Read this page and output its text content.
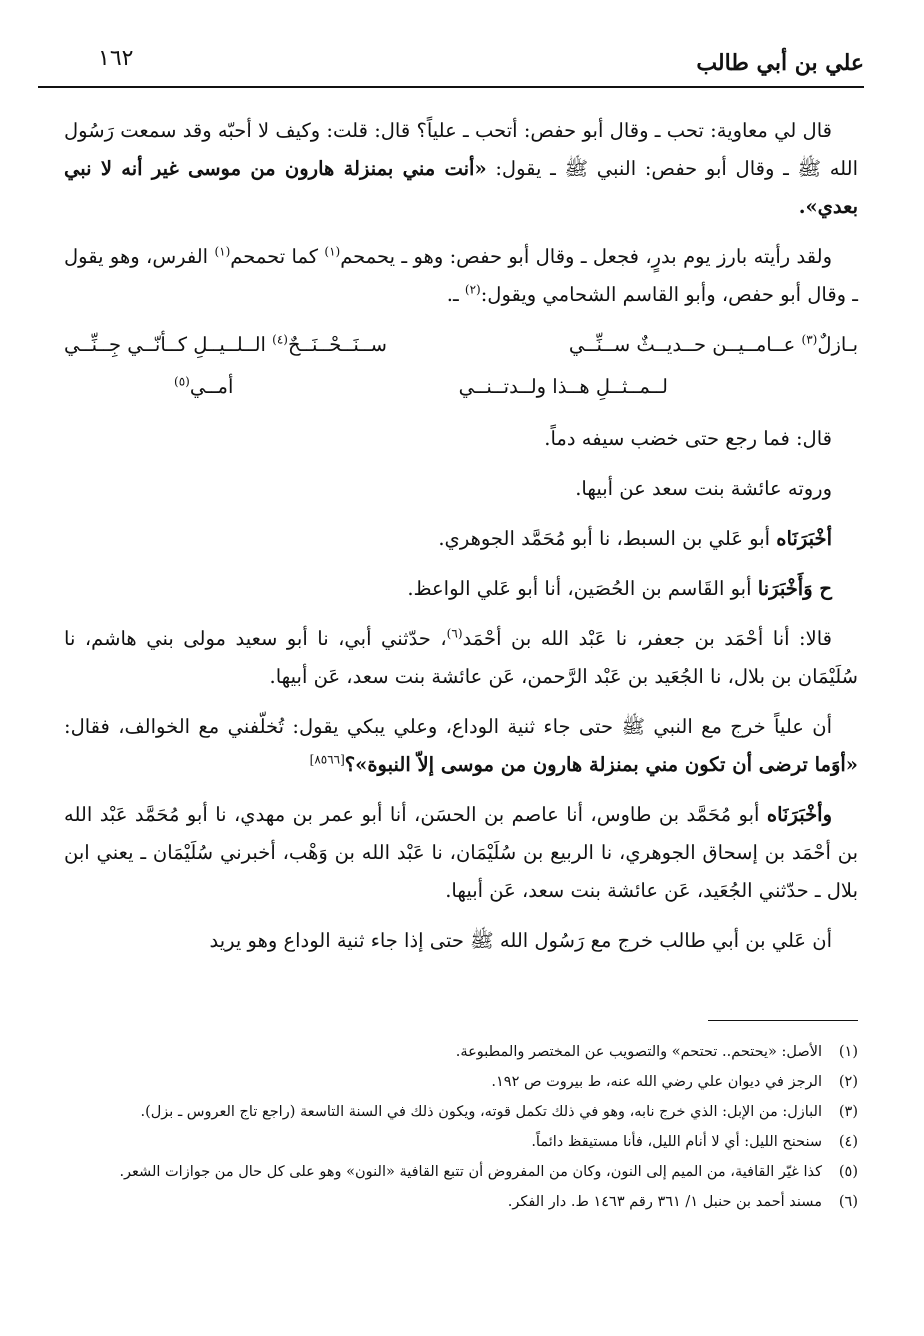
علي بن أبي طالب
١٦٢

قال لي معاوية: تحب ـ وقال أبو حفص: أتحب ـ علياً؟ قال: قلت: وكيف لا أحبّه وقد سمعت رَسُول الله ﷺ ـ وقال أبو حفص: النبي ﷺ ـ يقول: «أنت مني بمنزلة هارون من موسى غير أنه لا نبي بعدي».

ولقد رأيته بارز يوم بدرٍ، فجعل ـ وقال أبو حفص: وهو ـ يحمحم$^{(١)}$ كما تحمحم$^{(١)}$ الفرس، وهو يقول ـ وقال أبو حفص، وأبو القاسم الشحامي ويقول:$^{(٢)}$ ـ.

بـازلٌ$^{(٣)}$ عــامــيــن حــديــثٌ ســنِّــي
ســنَــحْــنَــحٌ$^{(٤)}$ الــلــيــلِ كــأنّــي جِــنِّــي
لــمــثــلِ هــذا ولــدتــنــي
أمــي$^{(٥)}$

قال: فما رجع حتى خضب سيفه دماً.

وروته عائشة بنت سعد عن أبيها.

أخْبَرَنَاه أبو عَلي بن السبط، نا أبو مُحَمَّد الجوهري.

ح وَأَخْبَرَنا أبو القَاسم بن الحُصَين، أنا أبو عَلي الواعظ.

قالا: أنا أحْمَد بن جعفر، نا عَبْد الله بن أحْمَد$^{(٦)}$، حدّثني أبي، نا أبو سعيد مولى بني هاشم، نا سُلَيْمَان بن بلال، نا الجُعَيد بن عَبْد الرَّحمن، عَن عائشة بنت سعد، عَن أبيها.

أن علياً خرج مع النبي ﷺ حتى جاء ثنية الوداع، وعلي يبكي يقول: تُخلّفني مع الخوالف، فقال: «أوَما ترضى أن تكون مني بمنزلة هارون من موسى إلاّ النبوة»؟[٨٥٦٦]

وأخْبَرَنَاه أبو مُحَمَّد بن طاوس، أنا عاصم بن الحسَن، أنا أبو عمر بن مهدي، نا أبو مُحَمَّد عَبْد الله بن أحْمَد بن إسحاق الجوهري، نا الربيع بن سُلَيْمَان، نا عَبْد الله بن وَهْب، أخبرني سُلَيْمَان ـ يعني ابن بلال ـ حدّثني الجُعَيد، عَن عائشة بنت سعد، عَن أبيها.

أن عَلي بن أبي طالب خرج مع رَسُول الله ﷺ حتى إذا جاء ثنية الوداع وهو يريد

(١)
الأصل: «يحتحم.. تحتحم» والتصويب عن المختصر والمطبوعة.
(٢)
الرجز في ديوان علي رضي الله عنه، ط بيروت ص ١٩٢.
(٣)
البازل: من الإبل: الذي خرج نابه، وهو في ذلك تكمل قوته، ويكون ذلك في السنة التاسعة (راجع تاج العروس ـ بزل).
(٤)
سنحنح الليل: أي لا أنام الليل، فأنا مستيقظ دائماً.
(٥)
كذا غيّر القافية، من الميم إلى النون، وكان من المفروض أن تتبع القافية «النون» وهو على كل حال من جوازات الشعر.
(٦)
مسند أحمد بن حنبل ١/ ٣٦١ رقم ١٤٦٣ ط. دار الفكر.
